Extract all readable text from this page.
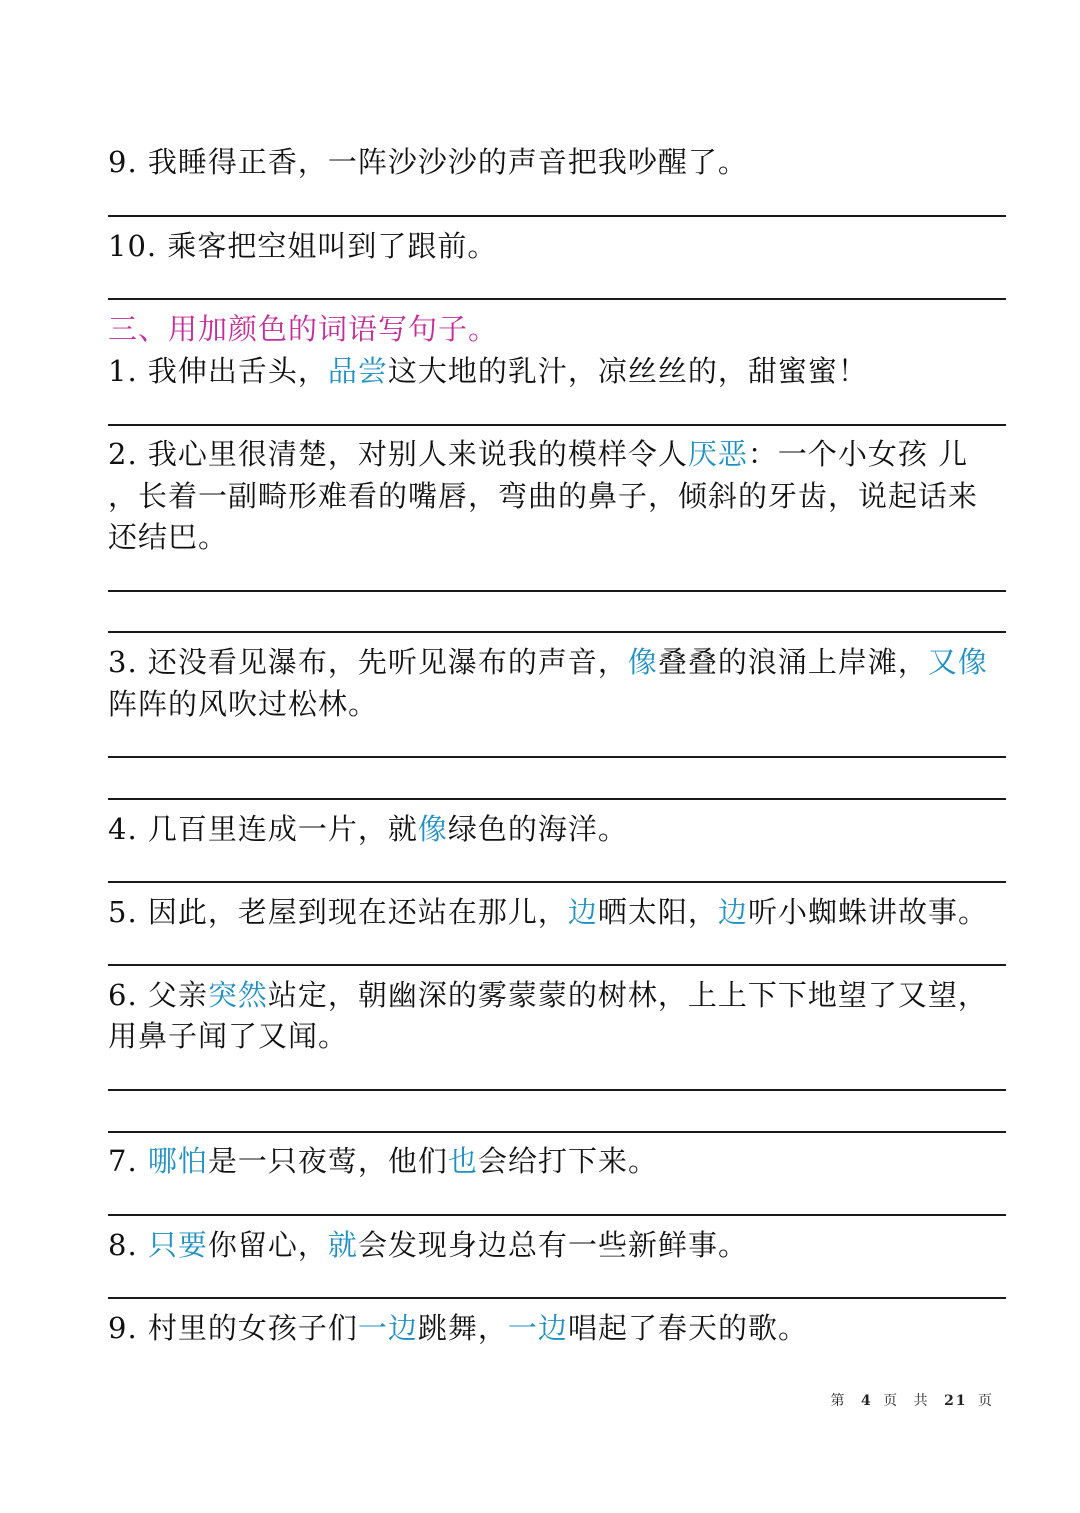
9. 我睡得正香，一阵沙沙沙的声音把我吵醒了。
10. 乘客把空姐叫到了跟前。
三、用加颜色的词语写句子。
1. 我伸出舌头，品尝这大地的乳汁，凉丝丝的，甜蜜蜜！
2. 我心里很清楚，对别人来说我的模样令人厌恶：一个小女孩 儿
，长着一副畸形难看的嘴唇，弯曲的鼻子，倾斜的牙齿，说起话来
还结巴。
3. 还没看见瀑布，先听见瀑布的声音，像叠叠的浪涌上岸滩，又像
阵阵的风吹过松林。
4. 几百里连成一片，就像绿色的海洋。
5. 因此，老屋到现在还站在那儿，边晒太阳，边听小蜘蛛讲故事。
6. 父亲突然站定，朝幽深的雾蒙蒙的树林，上上下下地望了又望，
用鼻子闻了又闻。
7. 哪怕是一只夜莺，他们也会给打下来。
8. 只要你留心，就会发现身边总有一些新鲜事。
9. 村里的女孩子们一边跳舞，一边唱起了春天的歌。
第 4 页 共 21 页
